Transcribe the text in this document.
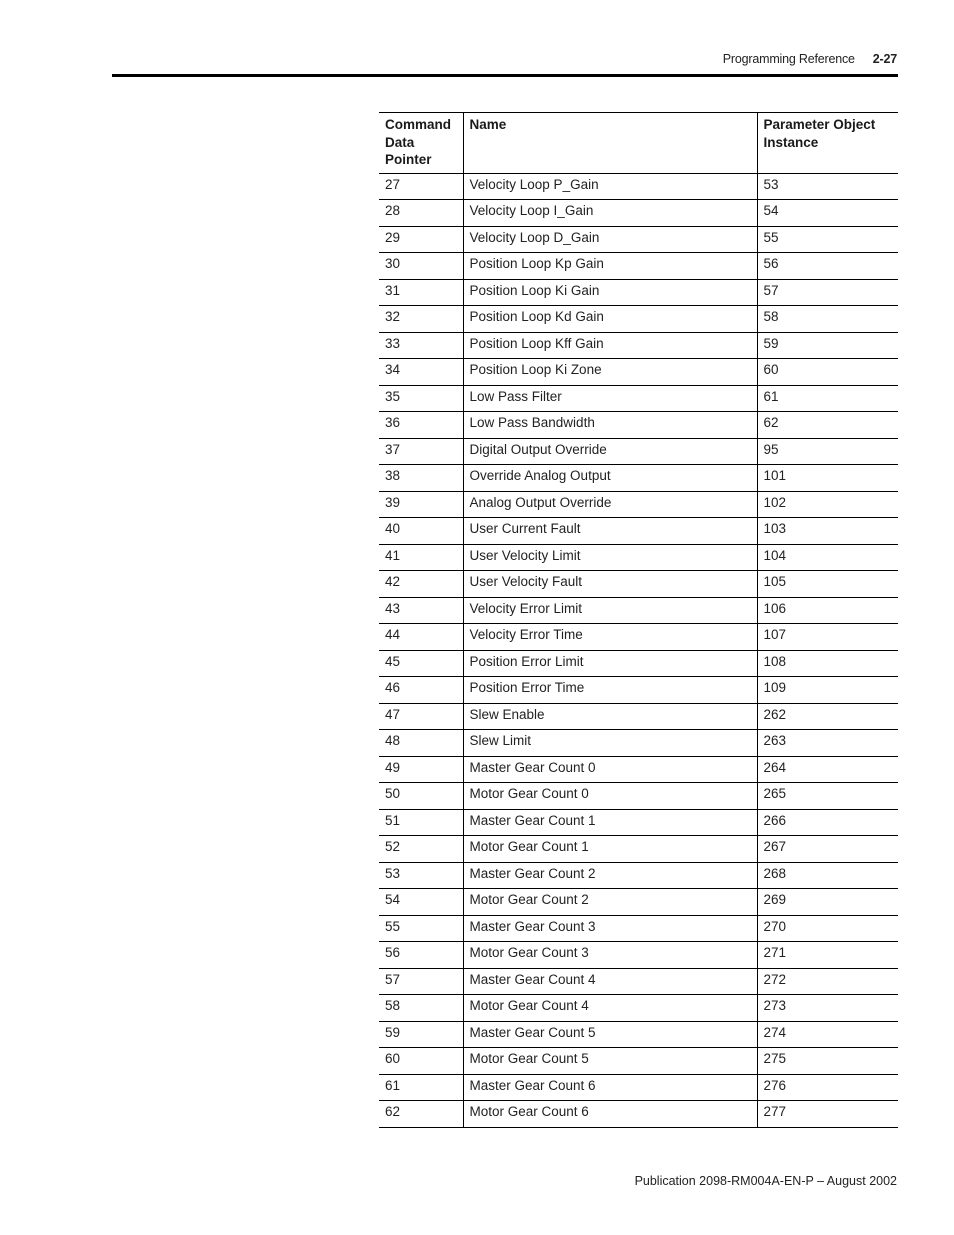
Programming Reference 2-27
Command
Data
Pointer	Name	Parameter Object
Instance
27	Velocity Loop P_Gain	53
28	Velocity Loop I_Gain	54
29	Velocity Loop D_Gain	55
30	Position Loop Kp Gain	56
31	Position Loop Ki Gain	57
32	Position Loop Kd Gain	58
33	Position Loop Kff Gain	59
34	Position Loop Ki Zone	60
35	Low Pass Filter	61
36	Low Pass Bandwidth	62
37	Digital Output Override	95
38	Override Analog Output	101
39	Analog Output Override	102
40	User Current Fault	103
41	User Velocity Limit	104
42	User Velocity Fault	105
43	Velocity Error Limit	106
44	Velocity Error Time	107
45	Position Error Limit	108
46	Position Error Time	109
47	Slew Enable	262
48	Slew Limit	263
49	Master Gear Count 0	264
50	Motor Gear Count 0	265
51	Master Gear Count 1	266
52	Motor Gear Count 1	267
53	Master Gear Count 2	268
54	Motor Gear Count 2	269
55	Master Gear Count 3	270
56	Motor Gear Count 3	271
57	Master Gear Count 4	272
58	Motor Gear Count 4	273
59	Master Gear Count 5	274
60	Motor Gear Count 5	275
61	Master Gear Count 6	276
62	Motor Gear Count 6	277
Publication 2098-RM004A-EN-P – August 2002
